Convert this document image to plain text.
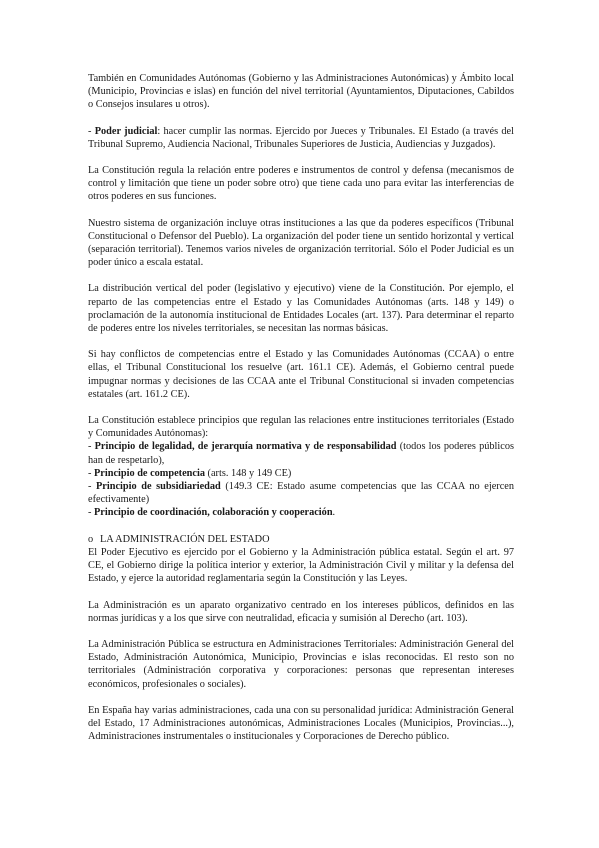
También en Comunidades Autónomas (Gobierno y las Administraciones Autonómicas) y Ámbito local (Municipio, Provincias e islas) en función del nivel territorial (Ayuntamientos, Diputaciones, Cabildos o Consejos insulares u otros).

- Poder judicial: hacer cumplir las normas. Ejercido por Jueces y Tribunales. El Estado (a través del Tribunal Supremo, Audiencia Nacional, Tribunales Superiores de Justicia, Audiencias y Juzgados).

La Constitución regula la relación entre poderes e instrumentos de control y defensa (mecanismos de control y limitación que tiene un poder sobre otro) que tiene cada uno para evitar las interferencias de otros poderes en sus funciones.

Nuestro sistema de organización incluye otras instituciones a las que da poderes específicos (Tribunal Constitucional o Defensor del Pueblo). La organización del poder tiene un sentido horizontal y vertical (separación territorial). Tenemos varios niveles de organización territorial. Sólo el Poder Judicial es un poder único a escala estatal.

La distribución vertical del poder (legislativo y ejecutivo) viene de la Constitución. Por ejemplo, el reparto de las competencias entre el Estado y las Comunidades Autónomas (arts. 148 y 149) o proclamación de la autonomía institucional de Entidades Locales (art. 137). Para determinar el reparto de poderes entre los niveles territoriales, se necesitan las normas básicas.

Si hay conflictos de competencias entre el Estado y las Comunidades Autónomas (CCAA) o entre ellas, el Tribunal Constitucional los resuelve (art. 161.1 CE). Además, el Gobierno central puede impugnar normas y decisiones de las CCAA ante el Tribunal Constitucional si invaden competencias estatales (art. 161.2 CE).

La Constitución establece principios que regulan las relaciones entre instituciones territoriales (Estado y Comunidades Autónomas):
- Principio de legalidad, de jerarquía normativa y de responsabilidad (todos los poderes públicos han de respetarlo),
- Principio de competencia (arts. 148 y 149 CE)
- Principio de subsidiariedad (149.3 CE: Estado asume competencias que las CCAA no ejercen efectivamente)
- Principio de coordinación, colaboración y cooperación.
o LA ADMINISTRACIÓN DEL ESTADO

El Poder Ejecutivo es ejercido por el Gobierno y la Administración pública estatal. Según el art. 97 CE, el Gobierno dirige la política interior y exterior, la Administración Civil y militar y la defensa del Estado, y ejerce la autoridad reglamentaria según la Constitución y las Leyes.

La Administración es un aparato organizativo centrado en los intereses públicos, definidos en las normas jurídicas y a los que sirve con neutralidad, eficacia y sumisión al Derecho (art. 103).

La Administración Pública se estructura en Administraciones Territoriales: Administración General del Estado, Administración Autonómica, Municipio, Provincias e islas reconocidas. El resto son no territoriales (Administración corporativa y corporaciones: personas que representan intereses económicos, profesionales o sociales).

En España hay varias administraciones, cada una con su personalidad jurídica: Administración General del Estado, 17 Administraciones autonómicas, Administraciones Locales (Municipios, Provincias...), Administraciones instrumentales o institucionales y Corporaciones de Derecho público.
